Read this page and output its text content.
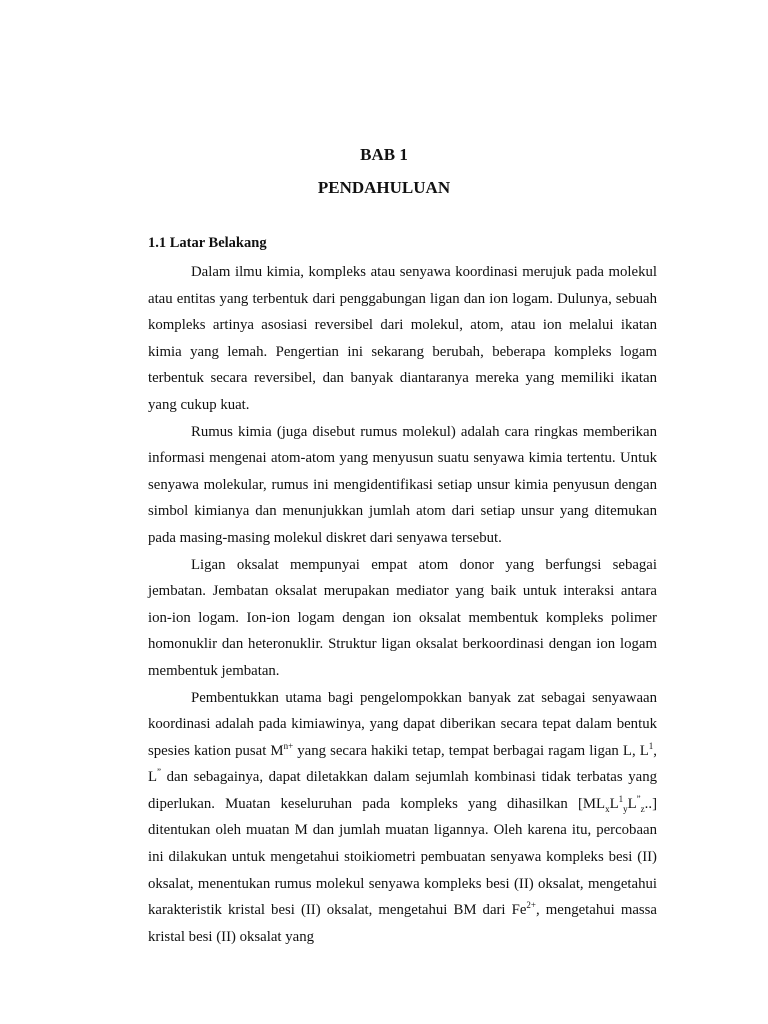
BAB 1
PENDAHULUAN
1.1 Latar Belakang

Dalam ilmu kimia, kompleks atau senyawa koordinasi merujuk pada molekul atau entitas yang terbentuk dari penggabungan ligan dan ion logam. Dulunya, sebuah kompleks artinya asosiasi reversibel dari molekul, atom, atau ion melalui ikatan kimia yang lemah. Pengertian ini sekarang berubah, beberapa kompleks logam terbentuk secara reversibel, dan banyak diantaranya mereka yang memiliki ikatan yang cukup kuat.

Rumus kimia (juga disebut rumus molekul) adalah cara ringkas memberikan informasi mengenai atom-atom yang menyusun suatu senyawa kimia tertentu. Untuk senyawa molekular, rumus ini mengidentifikasi setiap unsur kimia penyusun dengan simbol kimianya dan menunjukkan jumlah atom dari setiap unsur yang ditemukan pada masing-masing molekul diskret dari senyawa tersebut.

Ligan oksalat mempunyai empat atom donor yang berfungsi sebagai jembatan. Jembatan oksalat merupakan mediator yang baik untuk interaksi antara ion-ion logam. Ion-ion logam dengan ion oksalat membentuk kompleks polimer homonuklir dan heteronuklir. Struktur ligan oksalat berkoordinasi dengan ion logam membentuk jembatan.

Pembentukkan utama bagi pengelompokkan banyak zat sebagai senyawaan koordinasi adalah pada kimiawinya, yang dapat diberikan secara tepat dalam bentuk spesies kation pusat $M^{n+}$ yang secara hakiki tetap, tempat berbagai ragam ligan L, $L^1$, L” dan sebagainya, dapat diletakkan dalam sejumlah kombinasi tidak terbatas yang diperlukan. Muatan keseluruhan pada kompleks yang dihasilkan $[ML_xL^1_yL^”_z..]$ ditentukan oleh muatan M dan jumlah muatan ligannya. Oleh karena itu, percobaan ini dilakukan untuk mengetahui stoikiometri pembuatan senyawa kompleks besi (II) oksalat, menentukan rumus molekul senyawa kompleks besi (II) oksalat, mengetahui karakteristik kristal besi (II) oksalat, mengetahui BM dari $Fe^{2+}$, mengetahui massa kristal besi (II) oksalat yang
